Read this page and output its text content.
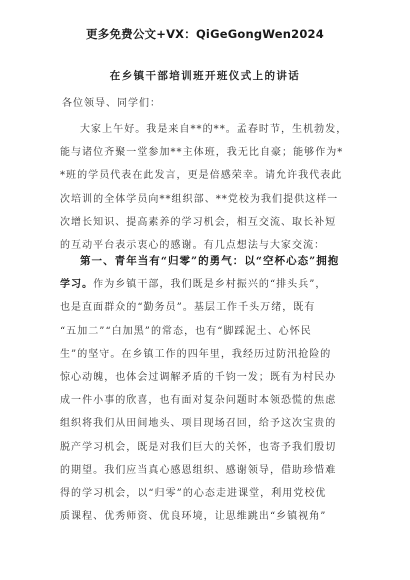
更多免费公文+VX：QiGeGongWen2024
在乡镇干部培训班开班仪式上的讲话
各位领导、同学们：
大家上午好。我是来自**的**。孟春时节，生机勃发，
能与诸位齐聚一堂参加**主体班，我无比自豪；能够作为*
*班的学员代表在此发言，更是倍感荣幸。请允许我代表此
次培训的全体学员向**组织部、**党校为我们提供这样一
次增长知识、提高素养的学习机会，相互交流、取长补短
的互动平台表示衷心的感谢。有几点想法与大家交流：
第一、青年当有“归零”的勇气：以“空杯心态”拥抱
学习。作为乡镇干部，我们既是乡村振兴的“排头兵”，
也是直面群众的“勤务员”。基层工作千头万绪，既有
“五加二”“白加黑”的常态，也有“脚踩泥土、心怀民
生”的坚守。在乡镇工作的四年里，我经历过防汛抢险的
惊心动魄，也体会过调解矛盾的千钧一发；既有为村民办
成一件小事的欣喜，也有面对复杂问题时本领恐慌的焦虑
组织将我们从田间地头、项目现场召回，给予这次宝贵的
脱产学习机会，既是对我们巨大的关怀，也寄予我们殷切
的期望。我们应当真心感恩组织、感谢领导，借助珍惜难
得的学习机会，以“归零”的心态走进课堂，利用党校优
质课程、优秀师资、优良环境，让思维跳出“乡镇视角”
